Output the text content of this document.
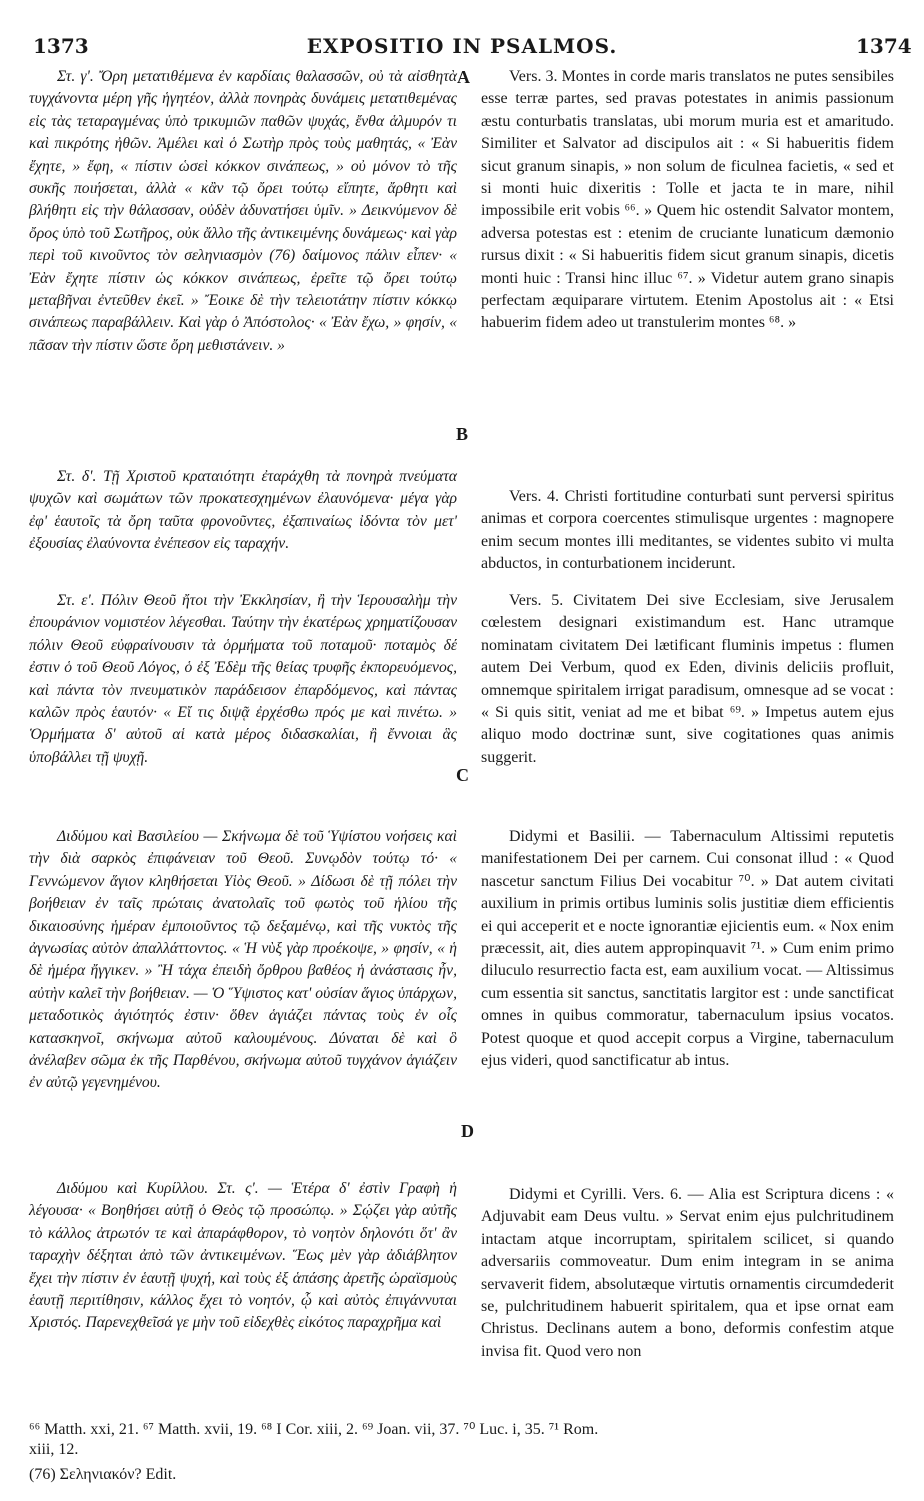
1373	EXPOSITIO IN PSALMOS.	1374

Στ. γ'. Ὄρη μετατιθέμενα ἐν καρδίαις θαλασσῶν, οὐ τὰ αἰσθητὰ τυγχάνοντα μέρη γῆς ἡγητέον, ἀλλὰ πονηρὰς δυνάμεις μετατιθεμένας εἰς τὰς τεταραγμένας ὑπὸ τρικυμιῶν παθῶν ψυχάς, ἔνθα ἁλμυρόν τι καὶ πικρότης ἠθῶν. Ἀμέλει καὶ ὁ Σωτὴρ πρὸς τοὺς μαθητάς, « Ἐὰν ἔχητε, » ἔφη, « πίστιν ὡσεὶ κόκκον σινάπεως, » οὐ μόνον τὸ τῆς συκῆς ποιήσεται, ἀλλὰ « κἂν τῷ ὄρει τούτῳ εἴπητε, ἄρθητι καὶ βλήθητι εἰς τὴν θάλασσαν, οὐδὲν ἀδυνατήσει ὑμῖν. » Δεικνύμενον δὲ ὄρος ὑπὸ τοῦ Σωτῆρος, οὐκ ἄλλο τῆς ἀντικειμένης δυνάμεως· καὶ γὰρ περὶ τοῦ κινοῦντος τὸν σεληνιασμὸν (76) δαίμονος πάλιν εἶπεν· « Ἐὰν ἔχητε πίστιν ὡς κόκκον σινάπεως, ἐρεῖτε τῷ ὄρει τούτῳ μεταβῆναι ἐντεῦθεν ἐκεῖ. » Ἔοικε δὲ τὴν τελειοτάτην πίστιν κόκκῳ σινάπεως παραβάλλειν. Καὶ γὰρ ὁ Ἀπόστολος· « Ἐὰν ἔχω, » φησίν, « πᾶσαν τὴν πίστιν ὥστε ὄρη μεθιστάνειν. »

Στ. δ'. Τῇ Χριστοῦ κραταιότητι ἐταράχθη τὰ πονηρὰ πνεύματα ψυχῶν καὶ σωμάτων τῶν προκατεσχημένων ἐλαυνόμενα· μέγα γὰρ ἐφ' ἑαυτοῖς τὰ ὄρη ταῦτα φρονοῦντες, ἐξαπιναίως ἰδόντα τὸν μετ' ἐξουσίας ἐλαύνοντα ἐνέπεσον εἰς ταραχήν.

Στ. ε'. Πόλιν Θεοῦ ἤτοι τὴν Ἐκκλησίαν, ἢ τὴν Ἱερουσαλὴμ τὴν ἐπουράνιον νομιστέον λέγεσθαι. Ταύτην τὴν ἑκατέρως χρηματίζουσαν πόλιν Θεοῦ εὐφραίνουσιν τὰ ὁρμήματα τοῦ ποταμοῦ· ποταμὸς δέ ἐστιν ὁ τοῦ Θεοῦ Λόγος, ὁ ἐξ Ἐδὲμ τῆς θείας τρυφῆς ἐκπορευόμενος, καὶ πάντα τὸν πνευματικὸν παράδεισον ἐπαρδόμενος, καὶ πάντας καλῶν πρὸς ἑαυτόν· « Εἴ τις διψᾷ ἐρχέσθω πρός με καὶ πινέτω. » Ὁρμήματα δ' αὐτοῦ αἱ κατὰ μέρος διδασκαλίαι, ἢ ἔννοιαι ἃς ὑποβάλλει τῇ ψυχῇ.

Διδύμου καὶ Βασιλείου — Σκήνωμα δὲ τοῦ Ὑψίστου νοήσεις καὶ τὴν διὰ σαρκὸς ἐπιφάνειαν τοῦ Θεοῦ. Συνῳδὸν τούτῳ τό· « Γεννώμενον ἅγιον κληθήσεται Υἱὸς Θεοῦ. » Δίδωσι δὲ τῇ πόλει τὴν βοήθειαν ἐν ταῖς πρώταις ἀνατολαῖς τοῦ φωτὸς τοῦ ἡλίου τῆς δικαιοσύνης ἡμέραν ἐμποιοῦντος τῷ δεξαμένῳ, καὶ τῆς νυκτὸς τῆς ἀγνωσίας αὐτὸν ἀπαλλάττοντος. « Ἡ νὺξ γὰρ προέκοψε, » φησίν, « ἡ δὲ ἡμέρα ἤγγικεν. » Ἢ τάχα ἐπειδὴ ὄρθρου βαθέος ἡ ἀνάστασις ἦν, αὐτὴν καλεῖ τὴν βοήθειαν. — Ὁ Ὕψιστος κατ' οὐσίαν ἅγιος ὑπάρχων, μεταδοτικὸς ἁγιότητός ἐστιν· ὅθεν ἁγιάζει πάντας τοὺς ἐν οἷς κατασκηνοῖ, σκήνωμα αὐτοῦ καλουμένους. Δύναται δὲ καὶ ὃ ἀνέλαβεν σῶμα ἐκ τῆς Παρθένου, σκήνωμα αὐτοῦ τυγχάνον ἁγιάζειν ἐν αὐτῷ γεγενημένου.

Διδύμου καὶ Κυρίλλου. Στ. ς'. — Ἑτέρα δ' ἐστὶν Γραφὴ ἡ λέγουσα· « Βοηθήσει αὐτῇ ὁ Θεὸς τῷ προσώπῳ. » Σῴζει γὰρ αὐτῆς τὸ κάλλος ἀτρωτόν τε καὶ ἀπαράφθορον, τὸ νοητὸν δηλονότι ὅτ' ἂν ταραχὴν δέξηται ἀπὸ τῶν ἀντικειμένων. Ἕως μὲν γὰρ ἀδιάβλητον ἔχει τὴν πίστιν ἐν ἑαυτῇ ψυχή, καὶ τοὺς ἐξ ἁπάσης ἀρετῆς ὡραϊσμοὺς ἑαυτῇ περιτίθησιν, κάλλος ἔχει τὸ νοητόν, ᾧ καὶ αὐτὸς ἐπιγάννυται Χριστός. Παρενεχθεῖσά γε μὴν τοῦ εἰδεχθὲς εἰκότος παραχρῆμα καὶ

Vers. 3. Montes in corde maris translatos ne putes sensibiles esse terræ partes, sed pravas potestates in animis passionum æstu conturbatis translatas, ubi morum muria est et amaritudo. Similiter et Salvator ad discipulos ait : « Si habueritis fidem sicut granum sinapis, » non solum de ficulnea facietis, « sed et si monti huic dixeritis : Tolle et jacta te in mare, nihil impossibile erit vobis ⁶⁶. » Quem hic ostendit Salvator montem, adversa potestas est : etenim de cruciante lunaticum dæmonio rursus dixit : « Si habueritis fidem sicut granum sinapis, dicetis monti huic : Transi hinc illuc ⁶⁷. » Videtur autem grano sinapis perfectam æquiparare virtutem. Etenim Apostolus ait : « Etsi habuerim fidem adeo ut transtulerim montes ⁶⁸. »

Vers. 4. Christi fortitudine conturbati sunt perversi spiritus animas et corpora coercentes stimulisque urgentes : magnopere enim secum montes illi meditantes, se videntes subito vi multa abductos, in conturbationem inciderunt.

Vers. 5. Civitatem Dei sive Ecclesiam, sive Jerusalem cœlestem designari existimandum est. Hanc utramque nominatam civitatem Dei lætificant fluminis impetus : flumen autem Dei Verbum, quod ex Eden, divinis deliciis profluit, omnemque spiritalem irrigat paradisum, omnesque ad se vocat : « Si quis sitit, veniat ad me et bibat ⁶⁹. » Impetus autem ejus aliquo modo doctrinæ sunt, sive cogitationes quas animis suggerit.

Didymi et Basilii. — Tabernaculum Altissimi reputetis manifestationem Dei per carnem. Cui consonat illud : « Quod nascetur sanctum Filius Dei vocabitur ⁷⁰. » Dat autem civitati auxilium in primis ortibus luminis solis justitiæ diem efficientis ei qui acceperit et e nocte ignorantiæ ejicientis eum. « Nox enim præcessit, ait, dies autem appropinquavit ⁷¹. » Cum enim primo diluculo resurrectio facta est, eam auxilium vocat. — Altissimus cum essentia sit sanctus, sanctitatis largitor est : unde sanctificat omnes in quibus commoratur, tabernaculum ipsius vocatos. Potest quoque et quod accepit corpus a Virgine, tabernaculum ejus videri, quod sanctificatur ab intus.

Didymi et Cyrilli. Vers. 6. — Alia est Scriptura dicens : « Adjuvabit eam Deus vultu. » Servat enim ejus pulchritudinem intactam atque incorruptam, spiritalem scilicet, si quando adversariis commoveatur. Dum enim integram in se anima servaverit fidem, absolutæque virtutis ornamentis circumdederit se, pulchritudinem habuerit spiritalem, qua et ipse ornat eam Christus. Declinans autem a bono, deformis confestim atque invisa fit. Quod vero non

A
B
C
D
⁶⁶ Matth. xxi, 21. ⁶⁷ Matth. xvii, 19. ⁶⁸ I Cor. xiii, 2. ⁶⁹ Joan. vii, 37. ⁷⁰ Luc. i, 35. ⁷¹ Rom.
xiii, 12.
(76) Σεληνιακόν? Edit.
